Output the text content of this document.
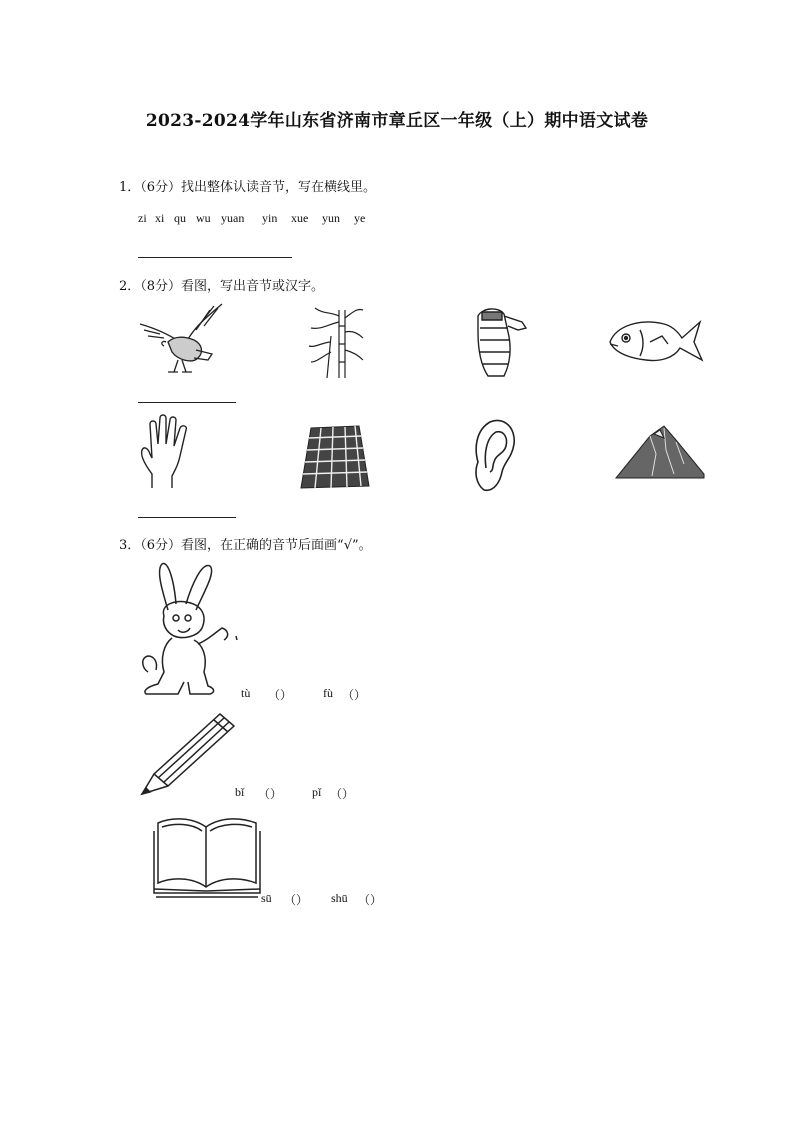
2023-2024学年山东省济南市章丘区一年级（上）期中语文试卷
1．（6分）找出整体认读音节，写在横线里。
zi xi qu wu yuan yin xue yun ye
2．（8分）看图，写出音节或汉字。
3．（6分）看图，在正确的音节后面画“√”。
tù （）	fù （）
bǐ （） pǐ （）
sū （） shū （）
